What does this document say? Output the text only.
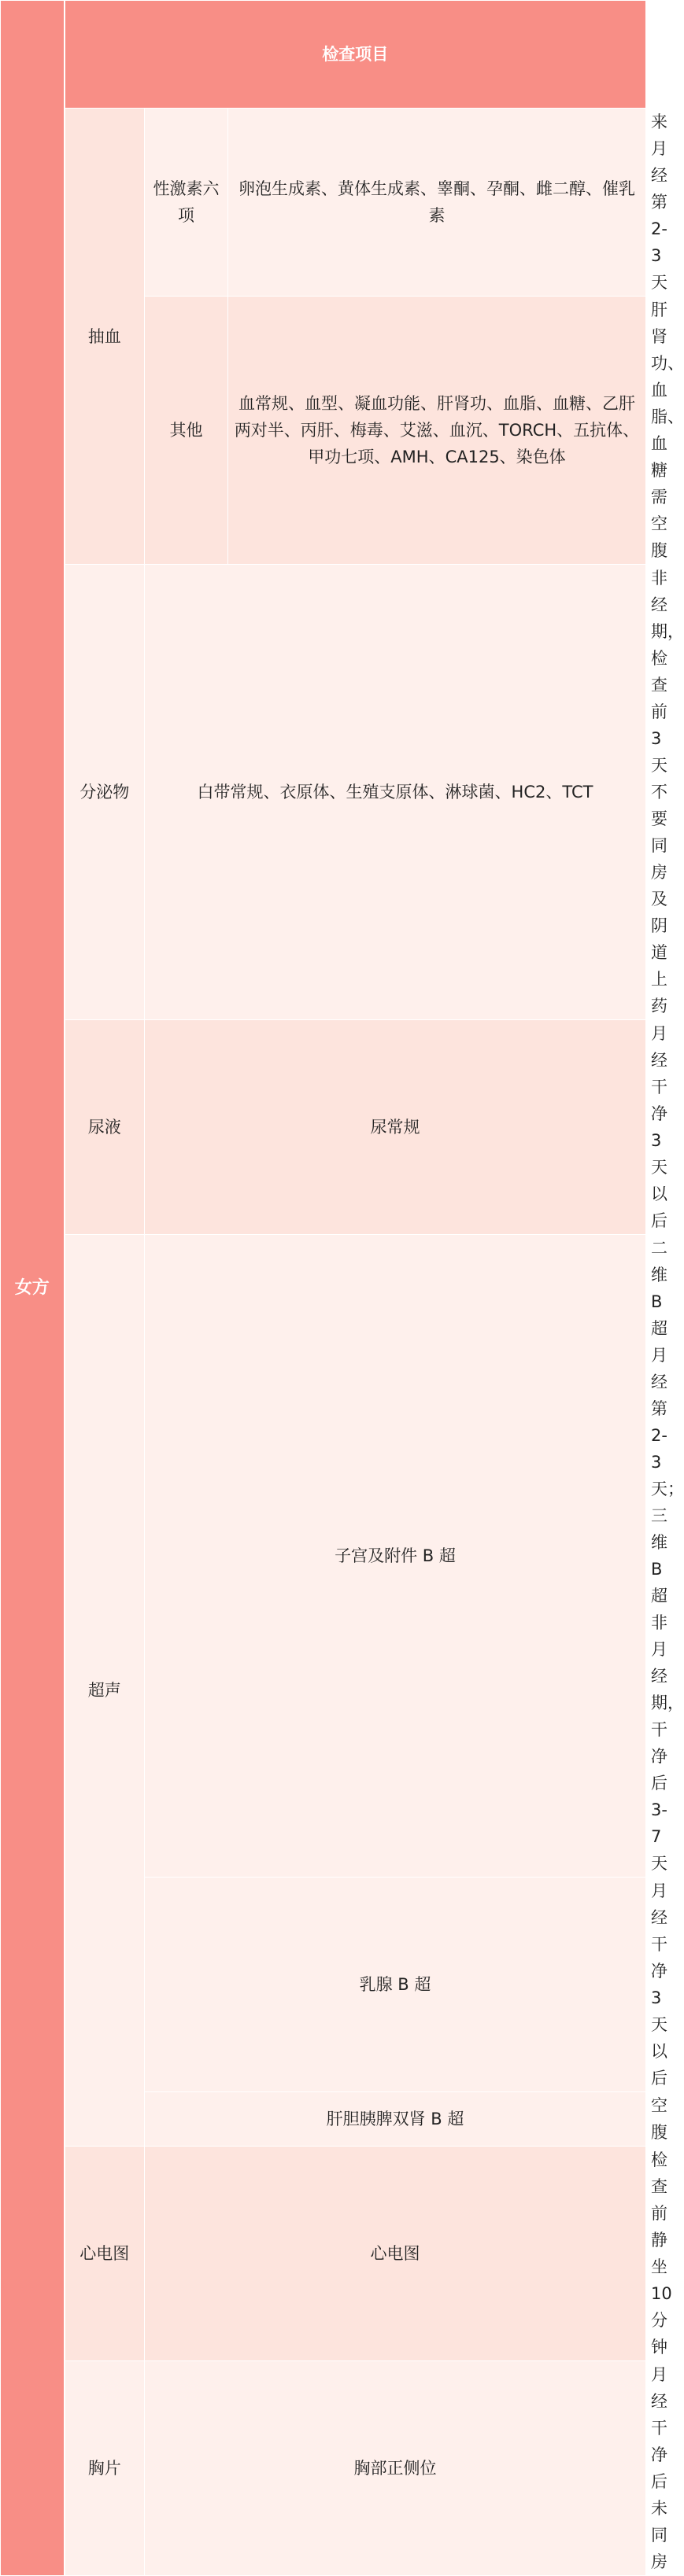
女方	检查项目			检查要求
	抽血	性激素六项	卵泡生成素、黄体生成素、睾酮、孕酮、雌二醇、催乳素	来月经第 2-3 天
		其他	血常规、血型、凝血功能、肝肾功、血脂、血糖、乙肝两对半、丙肝、梅毒、艾滋、血沉、TORCH、五抗体、甲功七项、AMH、CA125、染色体	肝肾功、血脂、血糖需空腹
	分泌物	白带常规、衣原体、生殖支原体、淋球菌、HC2、TCT		非经期，检查前 3 天不要同房及阴道上药
	尿液	尿常规		月经干净 3 天以后
	超声	子宫及附件 B 超		二维 B 超月经第 2-3 天；三维 B 超非月经期，干净后 3-7 天
		乳腺 B 超		月经干净 3 天以后
		肝胆胰脾双肾 B 超		空腹
	心电图	心电图		检查前静坐 10 分钟
	胸片	胸部正侧位		月经干净后未同房
